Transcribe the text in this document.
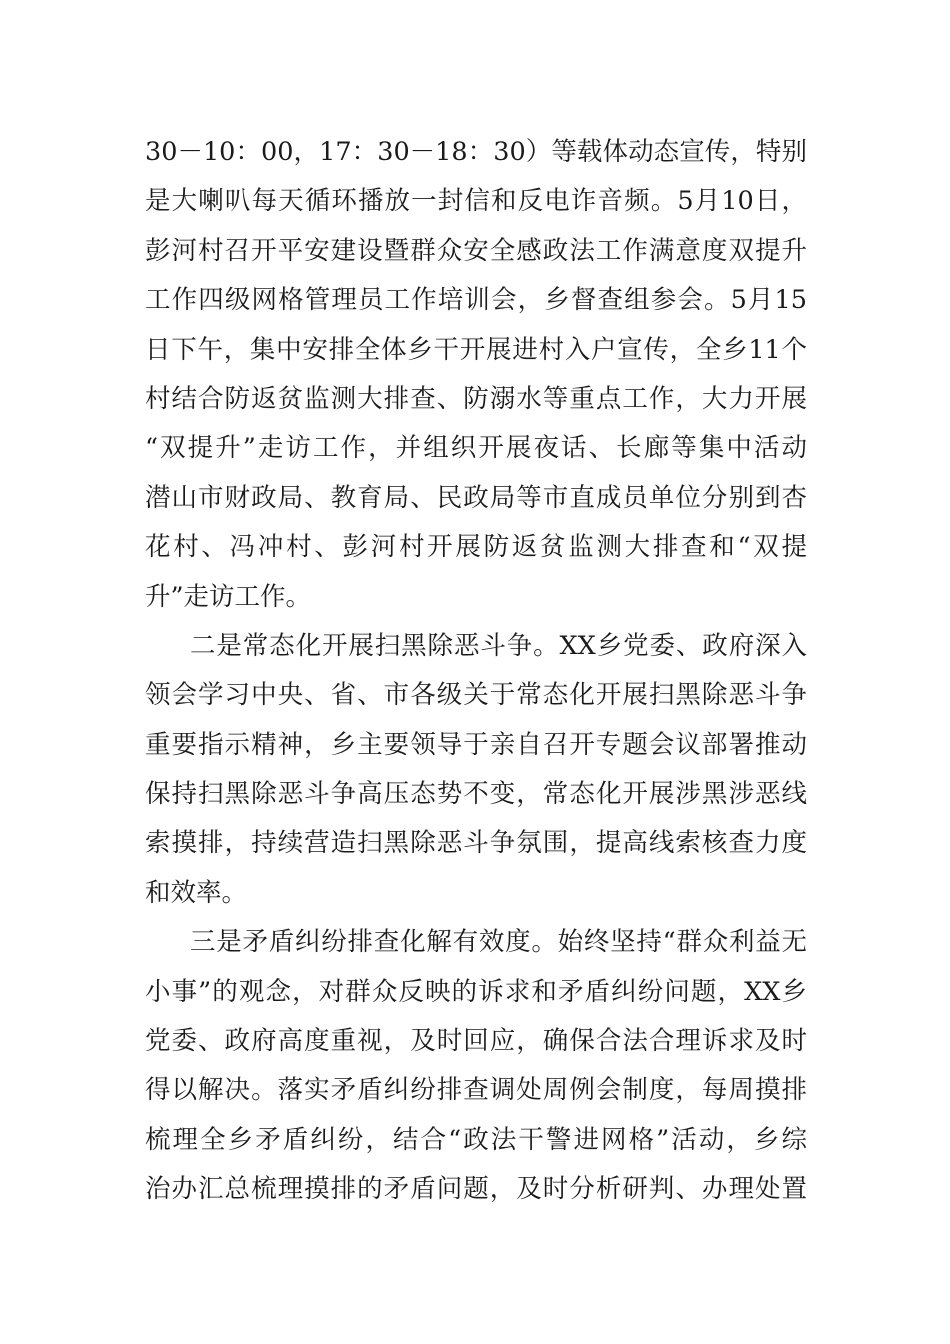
30－10：00，17：30－18：30）等载体动态宣传，特别
是大喇叭每天循环播放一封信和反电诈音频。5月10日，
彭河村召开平安建设暨群众安全感政法工作满意度双提升
工作四级网格管理员工作培训会，乡督查组参会。5月15
日下午，集中安排全体乡干开展进村入户宣传，全乡11个
村结合防返贫监测大排查、防溺水等重点工作，大力开展
“双提升”走访工作，并组织开展夜话、长廊等集中活动
潜山市财政局、教育局、民政局等市直成员单位分别到杏
花村、冯冲村、彭河村开展防返贫监测大排查和“双提
升”走访工作。
二是常态化开展扫黑除恶斗争。XX乡党委、政府深入
领会学习中央、省、市各级关于常态化开展扫黑除恶斗争
重要指示精神，乡主要领导于亲自召开专题会议部署推动
保持扫黑除恶斗争高压态势不变，常态化开展涉黑涉恶线
索摸排，持续营造扫黑除恶斗争氛围，提高线索核查力度
和效率。
三是矛盾纠纷排查化解有效度。始终坚持“群众利益无
小事”的观念，对群众反映的诉求和矛盾纠纷问题，XX乡
党委、政府高度重视，及时回应，确保合法合理诉求及时
得以解决。落实矛盾纠纷排查调处周例会制度，每周摸排
梳理全乡矛盾纠纷，结合“政法干警进网格”活动，乡综
治办汇总梳理摸排的矛盾问题，及时分析研判、办理处置
